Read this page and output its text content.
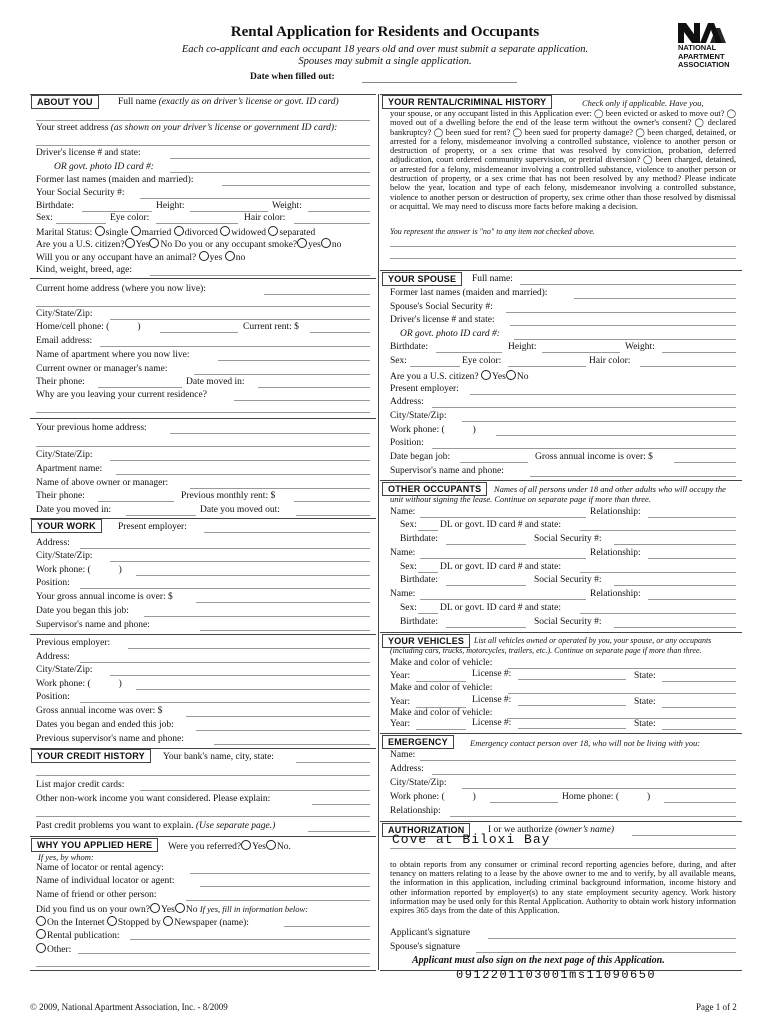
Rental Application for Residents and Occupants
Each co-applicant and each occupant 18 years old and over must submit a separate application.
Spouses may submit a single application.
Date when filled out:
NATIONAL
APARTMENT
ASSOCIATION
ABOUT YOU	Full name (exactly as on driver’s license or govt. ID card)
Your street address (as shown on your driver’s license or government ID card):
Driver's license # and state:
OR govt. photo ID card #:
Former last names (maiden and married):
Your Social Security #:
Birthdate:	Height:	Weight:
Sex:	Eye color:	Hair color:
Marital Status: single married divorced widowed separated
Are you a U.S. citizen? Yes No Do you or any occupant smoke? yes no
Will you or any occupant have an animal? yes no
Kind, weight, breed, age:
Current home address (where you now live):
City/State/Zip:
Home/cell phone: (	)	Current rent: $
Email address:
Name of apartment where you now live:
Current owner or manager's name:
Their phone:	Date moved in:
Why are you leaving your current residence?
Your previous home address:
City/State/Zip:
Apartment name:
Name of above owner or manager:
Their phone:	Previous monthly rent: $
Date you moved in:	Date you moved out:
YOUR WORK	Present employer:
Address:
City/State/Zip:
Work phone: (	)
Position:
Your gross annual income is over: $
Date you began this job:
Supervisor's name and phone:
Previous employer:
Address:
City/State/Zip:
Work phone: (	)
Position:
Gross annual income was over: $
Dates you began and ended this job:
Previous supervisor's name and phone:
YOUR CREDIT HISTORY	Your bank's name, city, state:
List major credit cards:
Other non-work income you want considered. Please explain:
Past credit problems you want to explain. (Use separate page.)
WHY YOU APPLIED HERE	Were you referred? Yes No.
If yes, by whom:
Name of locator or rental agency:
Name of individual locator or agent:
Name of friend or other person:
Did you find us on your own? Yes No If yes, fill in information below:
On the Internet Stopped by Newspaper (name):
Rental publication:
Other:
YOUR RENTAL/CRIMINAL HISTORY	Check only if applicable. Have you,
your spouse, or any occupant listed in this Application ever: ◯ been evicted or asked to move out? ◯ moved out of a dwelling before the end of the lease term without the owner's consent? ◯ declared bankruptcy? ◯ been sued for rent? ◯ been sued for property damage? ◯ been charged, detained, or arrested for a felony, misdemeanor involving a controlled substance, violence to another person or destruction of property, or a sex crime that was resolved by conviction, probation, deferred adjudication, court ordered community supervision, or pretrial diversion? ◯ been charged, detained, or arrested for a felony, misdemeanor involving a controlled substance, violence to another person or destruction of property, or a sex crime that has not been resolved by any method? Please indicate below the year, location and type of each felony, misdemeanor involving a controlled substance, violence to another person or destruction of property, sex crime other than those resolved by dismissal or acquittal. We may need to discuss more facts before making a decision.
You represent the answer is "no" to any item not checked above.
YOUR SPOUSE	Full name:
Former last names (maiden and married):
Spouse's Social Security #:
Driver's license # and state:
OR govt. photo ID card #:
Birthdate:	Height:	Weight:
Sex:	Eye color:	Hair color:
Are you a U.S. citizen? Yes No
Present employer:
Address:
City/State/Zip:
Work phone: (	)
Position:
Date began job:	Gross annual income is over: $
Supervisor's name and phone:
OTHER OCCUPANTS	Names of all persons under 18 and other adults who will occupy the unit without signing the lease. Continue on separate page if more than three.
Name:	Relationship:
Sex: DL or govt. ID card # and state:
Birthdate:	Social Security #:
Name:	Relationship:
Sex: DL or govt. ID card # and state:
Birthdate:	Social Security #:
Name:	Relationship:
Sex: DL or govt. ID card # and state:
Birthdate:	Social Security #:
YOUR VEHICLES	List all vehicles owned or operated by you, your spouse, or any occupants (including cars, trucks, motorcycles, trailers, etc.). Continue on separate page if more than three.
Make and color of vehicle:
Year:	License #:	State:
Make and color of vehicle:
Year:	License #:	State:
Make and color of vehicle:
Year:	License #:	State:
EMERGENCY	Emergency contact person over 18, who will not be living with you:
Name:
Address:
City/State/Zip:
Work phone: (	)	Home phone: (	)
Relationship:
AUTHORIZATION	I or we authorize (owner’s name)
Cove at Biloxi Bay
to obtain reports from any consumer or criminal record reporting agencies before, during, and after tenancy on matters relating to a lease by the above owner to me and to verify, by all available means, the information in this application, including criminal background information, income history and other information reported by employer(s) to any state employment security agency. Work history information may be used only for this Rental Application. Authority to obtain work history information expires 365 days from the date of this Application.
Applicant's signature
Spouse's signature
Applicant must also sign on the next page of this Application.
© 2009, National Apartment Association, Inc. - 8/2009
0912201103001ms11090650
Page 1 of 2
